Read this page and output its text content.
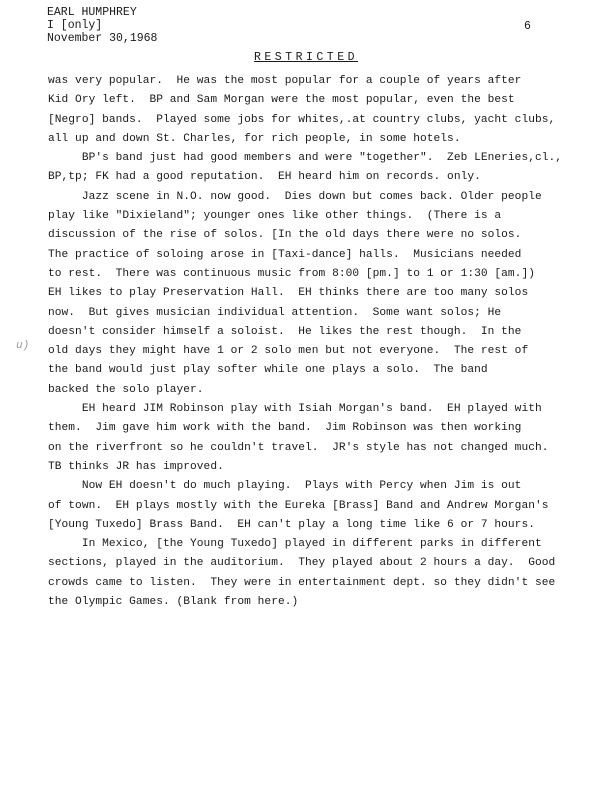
EARL HUMPHREY
I [only]
November 30,1968
6
RESTRICTED
u)
was very popular.  He was the most popular for a couple of years after
Kid Ory left.  BP and Sam Morgan were the most popular, even the best
[Negro] bands.  Played some jobs for whites,.at country clubs, yacht clubs,
all up and down St. Charles, for rich people, in some hotels.
BP's band just had good members and were "together".  Zeb LEneries,cl.,
BP,tp; FK had a good reputation.  EH heard him on records. only.
Jazz scene in N.O. now good.  Dies down but comes back. Older people
play like "Dixieland"; younger ones like other things.  (There is a
discussion of the rise of solos. [In the old days there were no solos.
The practice of soloing arose in [Taxi-dance] halls.  Musicians needed
to rest.  There was continuous music from 8:00 [pm.] to 1 or 1:30 [am.])
EH likes to play Preservation Hall.  EH thinks there are too many solos
now.  But gives musician individual attention.  Some want solos; He
doesn't consider himself a soloist.  He likes the rest though.  In the
old days they might have 1 or 2 solo men but not everyone.  The rest of
the band would just play softer while one plays a solo.  The band
backed the solo player.
EH heard JIM Robinson play with Isiah Morgan's band.  EH played with
them.  Jim gave him work with the band.  Jim Robinson was then working
on the riverfront so he couldn't travel.  JR's style has not changed much.
TB thinks JR has improved.
Now EH doesn't do much playing.  Plays with Percy when Jim is out
of town.  EH plays mostly with the Eureka [Brass] Band and Andrew Morgan's
[Young Tuxedo] Brass Band.  EH can't play a long time like 6 or 7 hours.
In Mexico, [the Young Tuxedo] played in different parks in different
sections, played in the auditorium.  They played about 2 hours a day.  Good
crowds came to listen.  They were in entertainment dept. so they didn't see
the Olympic Games. (Blank from here.)
